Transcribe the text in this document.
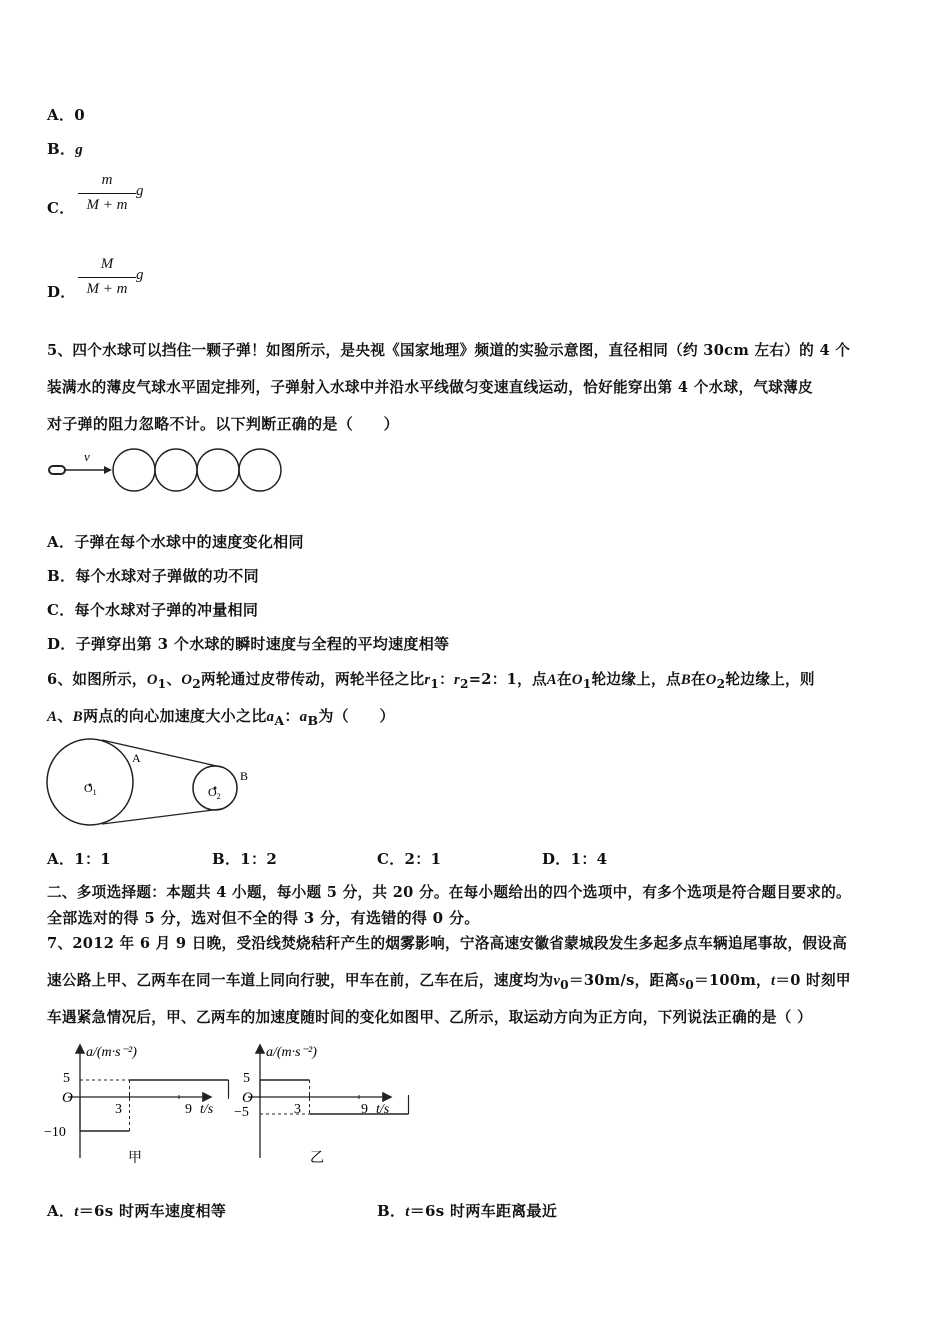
A．0
B．g
C．
m
M + m
g
D．
M
M + m
g
5、四个水球可以挡住一颗子弹！如图所示，是央视《国家地理》频道的实验示意图，直径相同（约 30cm 左右）的 4 个
装满水的薄皮气球水平固定排列，子弹射入水球中并沿水平线做匀变速直线运动，恰好能穿出第 4 个水球，气球薄皮
对子弹的阻力忽略不计。以下判断正确的是（　　）
v
A．子弹在每个水球中的速度变化相同
B．每个水球对子弹做的功不同
C．每个水球对子弹的冲量相同
D．子弹穿出第 3 个水球的瞬时速度与全程的平均速度相等
6、如图所示，$O_1$、$O_2$两轮通过皮带传动，两轮半径之比$r_1$：$r_2=2$：1，点A在$O_1$轮边缘上，点B在$O_2$轮边缘上，则
A、B两点的向心加速度大小之比$a_A$：$a_B$为（　　）
A
B
$O_1$	$O_2$
A．1：1	B．1：2	C．2：1	D．1：4
二、多项选择题：本题共 4 小题，每小题 5 分，共 20 分。在每小题给出的四个选项中，有多个选项是符合题目要求的。
全部选对的得 5 分，选对但不全的得 3 分，有选错的得 0 分。
7、2012 年 6 月 9 日晚，受沿线焚烧秸秆产生的烟雾影响，宁洛高速安徽省蒙城段发生多起多点车辆追尾事故，假设高
速公路上甲、乙两车在同一车道上同向行驶，甲车在前，乙车在后，速度均为$v_0=30m/s$，距离$s_0=100m$，t＝0 时刻甲
车遇紧急情况后，甲、乙两车的加速度随时间的变化如图甲、乙所示，取运动方向为正方向，下列说法正确的是（ ）
a/(m·s⁻²)
5
O
−10
3	9 t/s
甲
a/(m·s⁻²)
5
O
−5	3	9 t/s
乙
A．t＝6s 时两车速度相等	B．t＝6s 时两车距离最近
